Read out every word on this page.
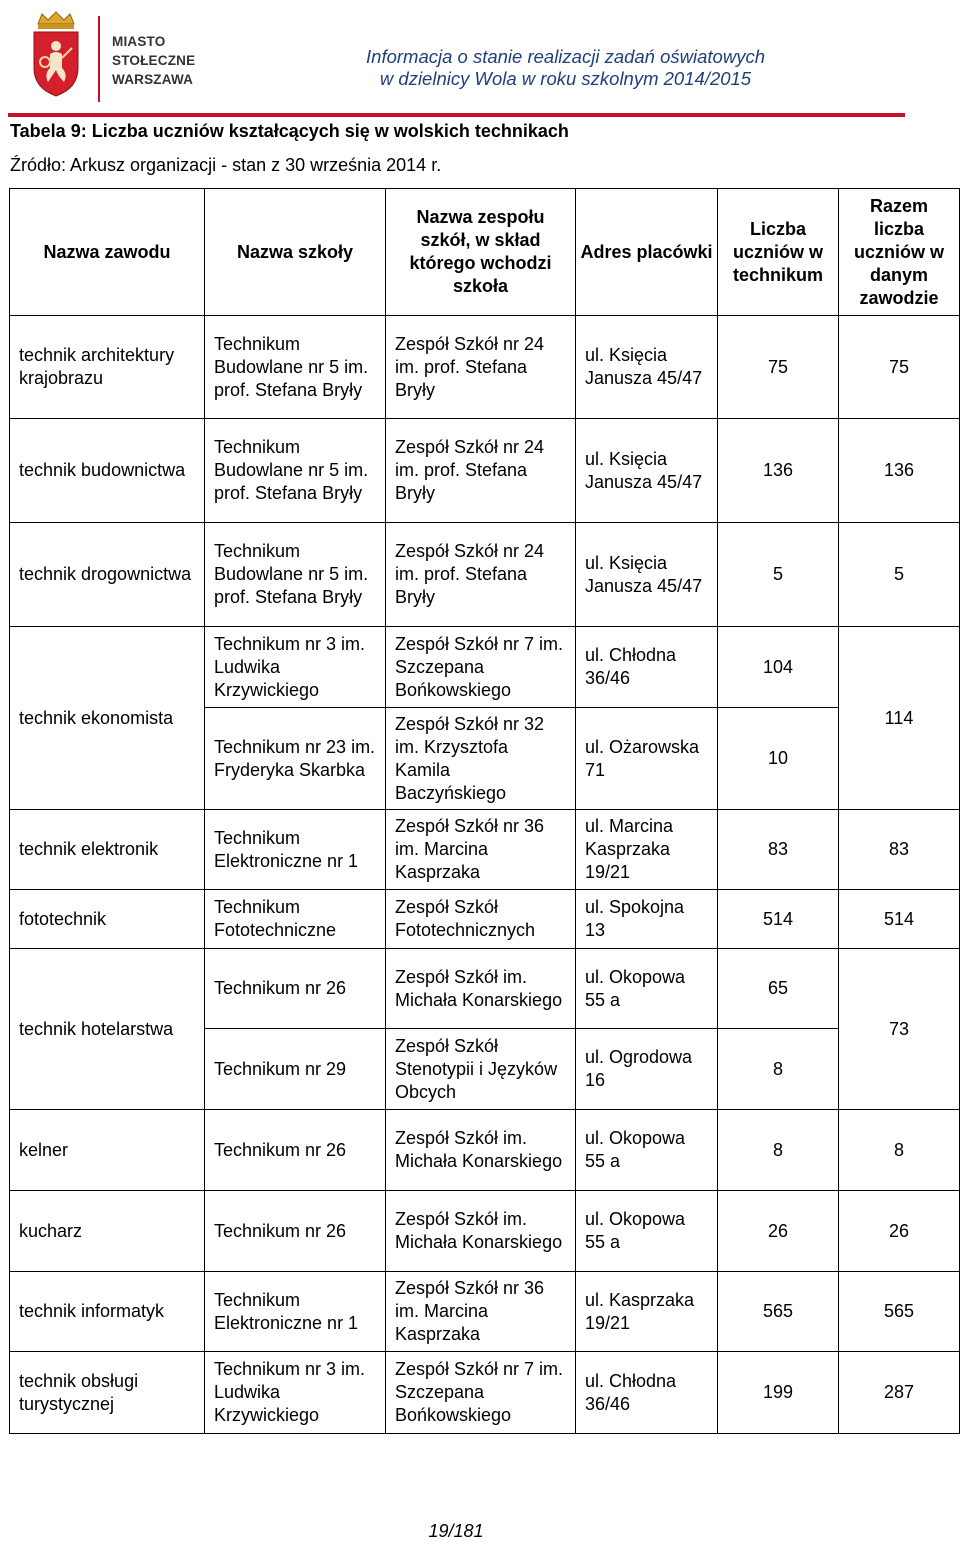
MIASTO
STOŁECZNE
WARSZAWA
Informacja o stanie realizacji zadań oświatowych
w dzielnicy Wola w roku szkolnym 2014/2015
Tabela 9: Liczba uczniów kształcących się w wolskich technikach
Źródło: Arkusz organizacji - stan z 30 września 2014 r.
Nazwa zawodu	Nazwa szkoły	Nazwa zespołu szkół, w skład którego wchodzi szkoła	Adres placówki	Liczba uczniów w technikum	Razem liczba uczniów w danym zawodzie
technik architektury krajobrazu	Technikum Budowlane nr 5 im. prof. Stefana Bryły	Zespół Szkół nr 24 im. prof. Stefana Bryły	ul. Księcia Janusza 45/47	75	75
technik budownictwa	Technikum Budowlane nr 5 im. prof. Stefana Bryły	Zespół Szkół nr 24 im. prof. Stefana Bryły	ul. Księcia Janusza 45/47	136	136
technik drogownictwa	Technikum Budowlane nr 5 im. prof. Stefana Bryły	Zespół Szkół nr 24 im. prof. Stefana Bryły	ul. Księcia Janusza 45/47	5	5
technik ekonomista	Technikum nr 3 im. Ludwika Krzywickiego	Zespół Szkół nr 7 im. Szczepana Bońkowskiego	ul. Chłodna 36/46	104	114
	Technikum nr 23 im. Fryderyka Skarbka	Zespół Szkół nr 32 im. Krzysztofa Kamila Baczyńskiego	ul. Ożarowska 71	10	
technik elektronik	Technikum Elektroniczne nr 1	Zespół Szkół nr 36 im. Marcina Kasprzaka	ul. Marcina Kasprzaka 19/21	83	83
fototechnik	Technikum Fototechniczne	Zespół Szkół Fototechnicznych	ul. Spokojna 13	514	514
technik hotelarstwa	Technikum nr 26	Zespół Szkół im. Michała Konarskiego	ul. Okopowa 55 a	65	73
	Technikum nr 29	Zespół Szkół Stenotypii i Języków Obcych	ul. Ogrodowa 16	8	
kelner	Technikum nr 26	Zespół Szkół im. Michała Konarskiego	ul. Okopowa 55 a	8	8
kucharz	Technikum nr 26	Zespół Szkół im. Michała Konarskiego	ul. Okopowa 55 a	26	26
technik informatyk	Technikum Elektroniczne nr 1	Zespół Szkół nr 36 im. Marcina Kasprzaka	ul. Kasprzaka 19/21	565	565
technik obsługi turystycznej	Technikum nr 3 im. Ludwika Krzywickiego	Zespół Szkół nr 7 im. Szczepana Bońkowskiego	ul. Chłodna 36/46	199	287
19/181
